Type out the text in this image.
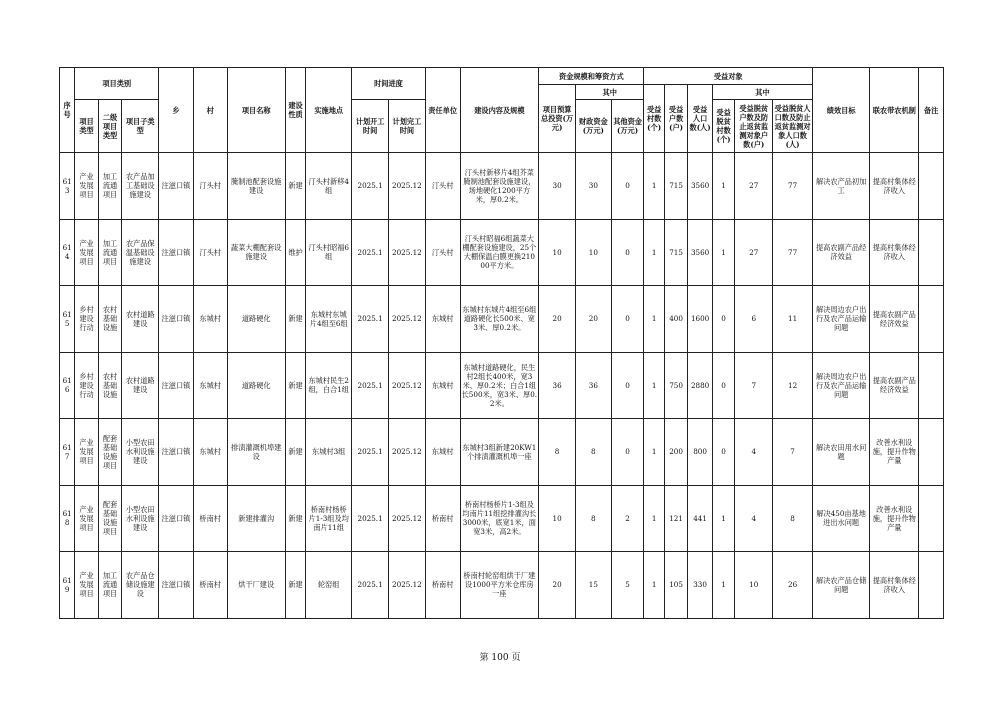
序号	项目类别			乡	村	项目名称	建设性质	实施地点	时间进度		责任单位	建设内容及规模	资金规模和筹资方式			受益对象						绩效目标	联农带农机制	备注
													项目预算总投资(万元)	其中		受益村数(个)	受益户数(户)	受益人口数(人)	其中					
	项目类型	二级项目类型	项目子类型						计划开工时间	计划完工时间				财政资金(万元)	其他资金(万元)				受益脱贫村数(个)	受益脱贫户数及防止返贫监测对象户数(户)	受益脱贫人口数及防止返贫监测对象人口数(人)			
613	产业发展项目	加工流通项目	农产品加工基础设施建设	注滋口镇	汀头村	腌制池配套设施建设	新建	汀头村新移4组	2025.1	2025.12	汀头村	汀头村新移片4组芥菜腌制池配套设施建设，场地硬化1200平方米，厚0.2米。	30	30	0	1	715	3560	1	27	77	解决农产品初加工	提高村集体经济收入	
614	产业发展项目	加工流通项目	农产品保温基础设施建设	注滋口镇	汀头村	蔬菜大棚配套设施建设	维护	汀头村昭福6组	2025.1	2025.12	汀头村	汀头村昭福6组蔬菜大棚配套设施建设，25个大棚保温白膜更换21000平方米。	10	10	0	1	715	3560	1	27	77	提高农副产品经济效益	提高村集体经济收入	
615	乡村建设行动	农村基础设施	农村道路建设	注滋口镇	东城村	道路硬化	新建	东城村东城片4组至6组	2025.1	2025.12	东城村	东城村东城片4组至6组道路硬化长500米、宽3米、厚0.2米。	20	20	0	1	400	1600	0	6	11	解决周边农户出行及农产品运输问题	提高农副产品经济效益	
616	乡村建设行动	农村基础设施	农村道路建设	注滋口镇	东城村	道路硬化	新建	东城村民生2组，白合1组	2025.1	2025.12	东城村	东城村道路硬化，民生村2组长400米，宽3米、厚0.2米；白合1组长500米，宽3米、厚0.2米。	36	36	0	1	750	2880	0	7	12	解决周边农户出行及农产品运输问题	提高农副产品经济效益	
617	产业发展项目	配套基础设施项目	小型农田水利设施建设	注滋口镇	东城村	排渍灌溉机埠建设	新建	东城村3组	2025.1	2025.12	东城村	东城村3组新建20KW1个排渍灌溉机埠一座	8	8	0	1	200	800	0	4	7	解决农田用水问题	改善水利设施，提升作物产量	
618	产业发展项目	配套基础设施项目	小型农田水利设施建设	注滋口镇	桥南村	新建排灌沟	新建	桥南村杨桥片1-3组及均南片11组	2025.1	2025.12	桥南村	桥南村杨桥片1-3组及均南片11组挖排灌沟长3000米，底宽1米，面宽3米，高2米。	10	8	2	1	121	441	1	4	8	解决450亩基地进出水问题	改善水利设施，提升作物产量	
619	产业发展项目	加工流通项目	农产品仓储设施建设	注滋口镇	桥南村	烘干厂建设	新建	轮窑组	2025.1	2025.12	桥南村	桥南村轮窑组烘干厂建设1000平方米仓库房一座	20	15	5	1	105	330	1	10	26	解决农产品仓储问题	提高村集体经济收入	
第 100 页
